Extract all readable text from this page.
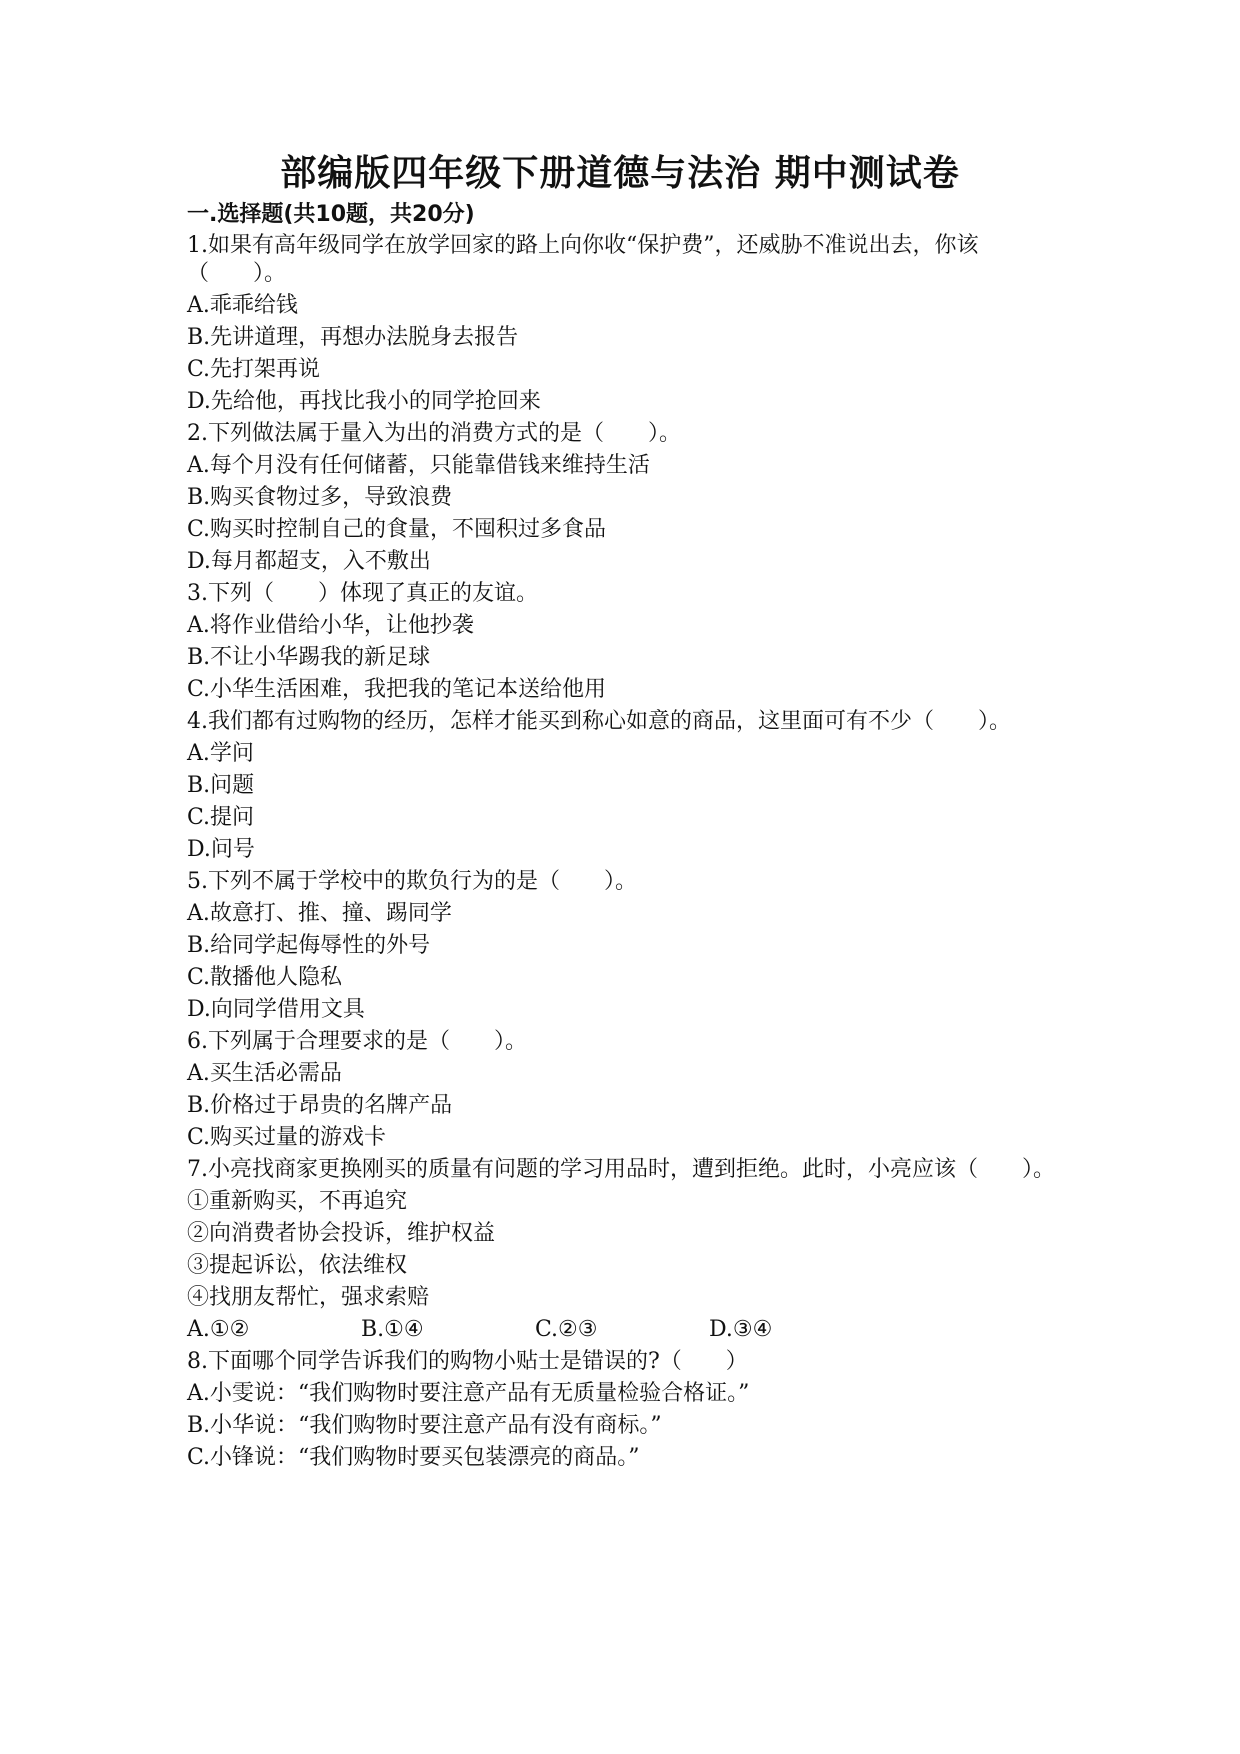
部编版四年级下册道德与法治 期中测试卷
一.选择题(共10题，共20分)
1.如果有高年级同学在放学回家的路上向你收“保护费”，还威胁不准说出去，你该（　　）。
A.乖乖给钱
B.先讲道理，再想办法脱身去报告
C.先打架再说
D.先给他，再找比我小的同学抢回来
2.下列做法属于量入为出的消费方式的是（　　）。
A.每个月没有任何储蓄，只能靠借钱来维持生活
B.购买食物过多，导致浪费
C.购买时控制自己的食量，不囤积过多食品
D.每月都超支，入不敷出
3.下列（　　）体现了真正的友谊。
A.将作业借给小华，让他抄袭
B.不让小华踢我的新足球
C.小华生活困难，我把我的笔记本送给他用
4.我们都有过购物的经历，怎样才能买到称心如意的商品，这里面可有不少（　　）。
A.学问
B.问题
C.提问
D.问号
5.下列不属于学校中的欺负行为的是（　　）。
A.故意打、推、撞、踢同学
B.给同学起侮辱性的外号
C.散播他人隐私
D.向同学借用文具
6.下列属于合理要求的是（　　）。
A.买生活必需品
B.价格过于昂贵的名牌产品
C.购买过量的游戏卡
7.小亮找商家更换刚买的质量有问题的学习用品时，遭到拒绝。此时，小亮应该（　　）。
①重新购买，不再追究
②向消费者协会投诉，维护权益
③提起诉讼，依法维权
④找朋友帮忙，强求索赔
A.①②	B.①④	C.②③	D.③④
8.下面哪个同学告诉我们的购物小贴士是错误的?（　　）
A.小雯说：“我们购物时要注意产品有无质量检验合格证。”
B.小华说：“我们购物时要注意产品有没有商标。”
C.小锋说：“我们购物时要买包装漂亮的商品。”
